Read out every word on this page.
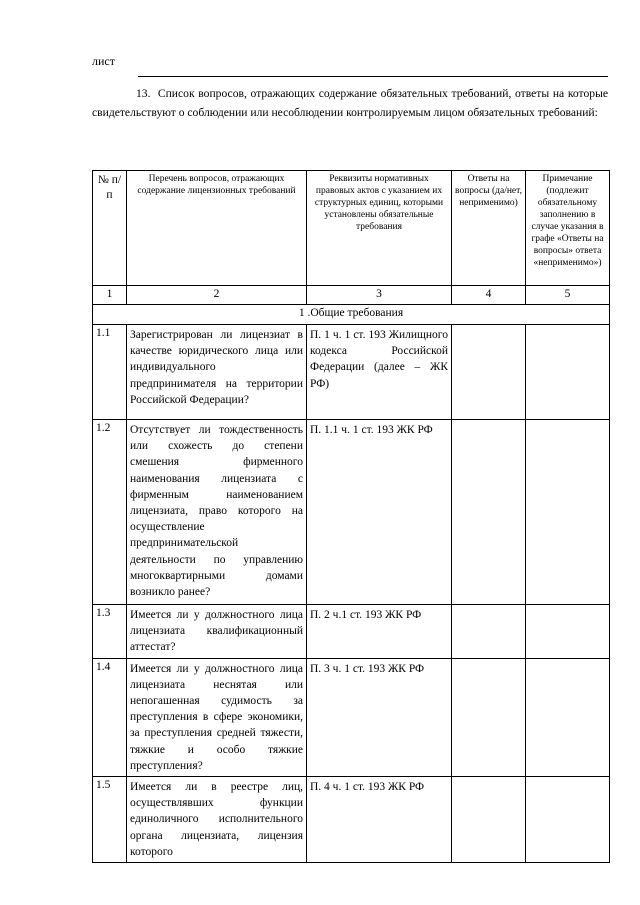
лист

13. Список вопросов, отражающих содержание обязательных требований, ответы на которые свидетельствуют о соблюдении или несоблюдении контролируемым лицом обязательных требований:

№ п/п	Перечень вопросов, отражающих содержание лицензионных требований	Реквизиты нормативных правовых актов с указанием их структурных единиц, которыми установлены обязательные требования	Ответы на вопросы (да/нет, неприменимо)	Примечание (подлежит обязательному заполнению в случае указания в графе «Ответы на вопросы» ответа «неприменимо»)
1	2	3	4	5
1 .Общие требования				
1.1	Зарегистрирован ли лицензиат в качестве юридического лица или индивидуального предпринимателя на территории Российской Федерации?	П. 1 ч. 1 ст. 193 Жилищного кодекса Российской Федерации (далее – ЖК РФ)		
1.2	Отсутствует ли тождественность или схожесть до степени смешения фирменного наименования лицензиата с фирменным наименованием лицензиата, право которого на осуществление предпринимательской деятельности по управлению многоквартирными домами возникло ранее?	П. 1.1 ч. 1 ст. 193 ЖК РФ		
1.3	Имеется ли у должностного лица лицензиата квалификационный аттестат?	П. 2 ч.1 ст. 193 ЖК РФ		
1.4	Имеется ли у должностного лица лицензиата неснятая или непогашенная судимость за преступления в сфере экономики, за преступления средней тяжести, тяжкие и особо тяжкие преступления?	П. 3 ч. 1 ст. 193 ЖК РФ		
1.5	Имеется ли в реестре лиц, осуществлявших функции единоличного исполнительного органа лицензиата, лицензия которого	П. 4 ч. 1 ст. 193 ЖК РФ		
